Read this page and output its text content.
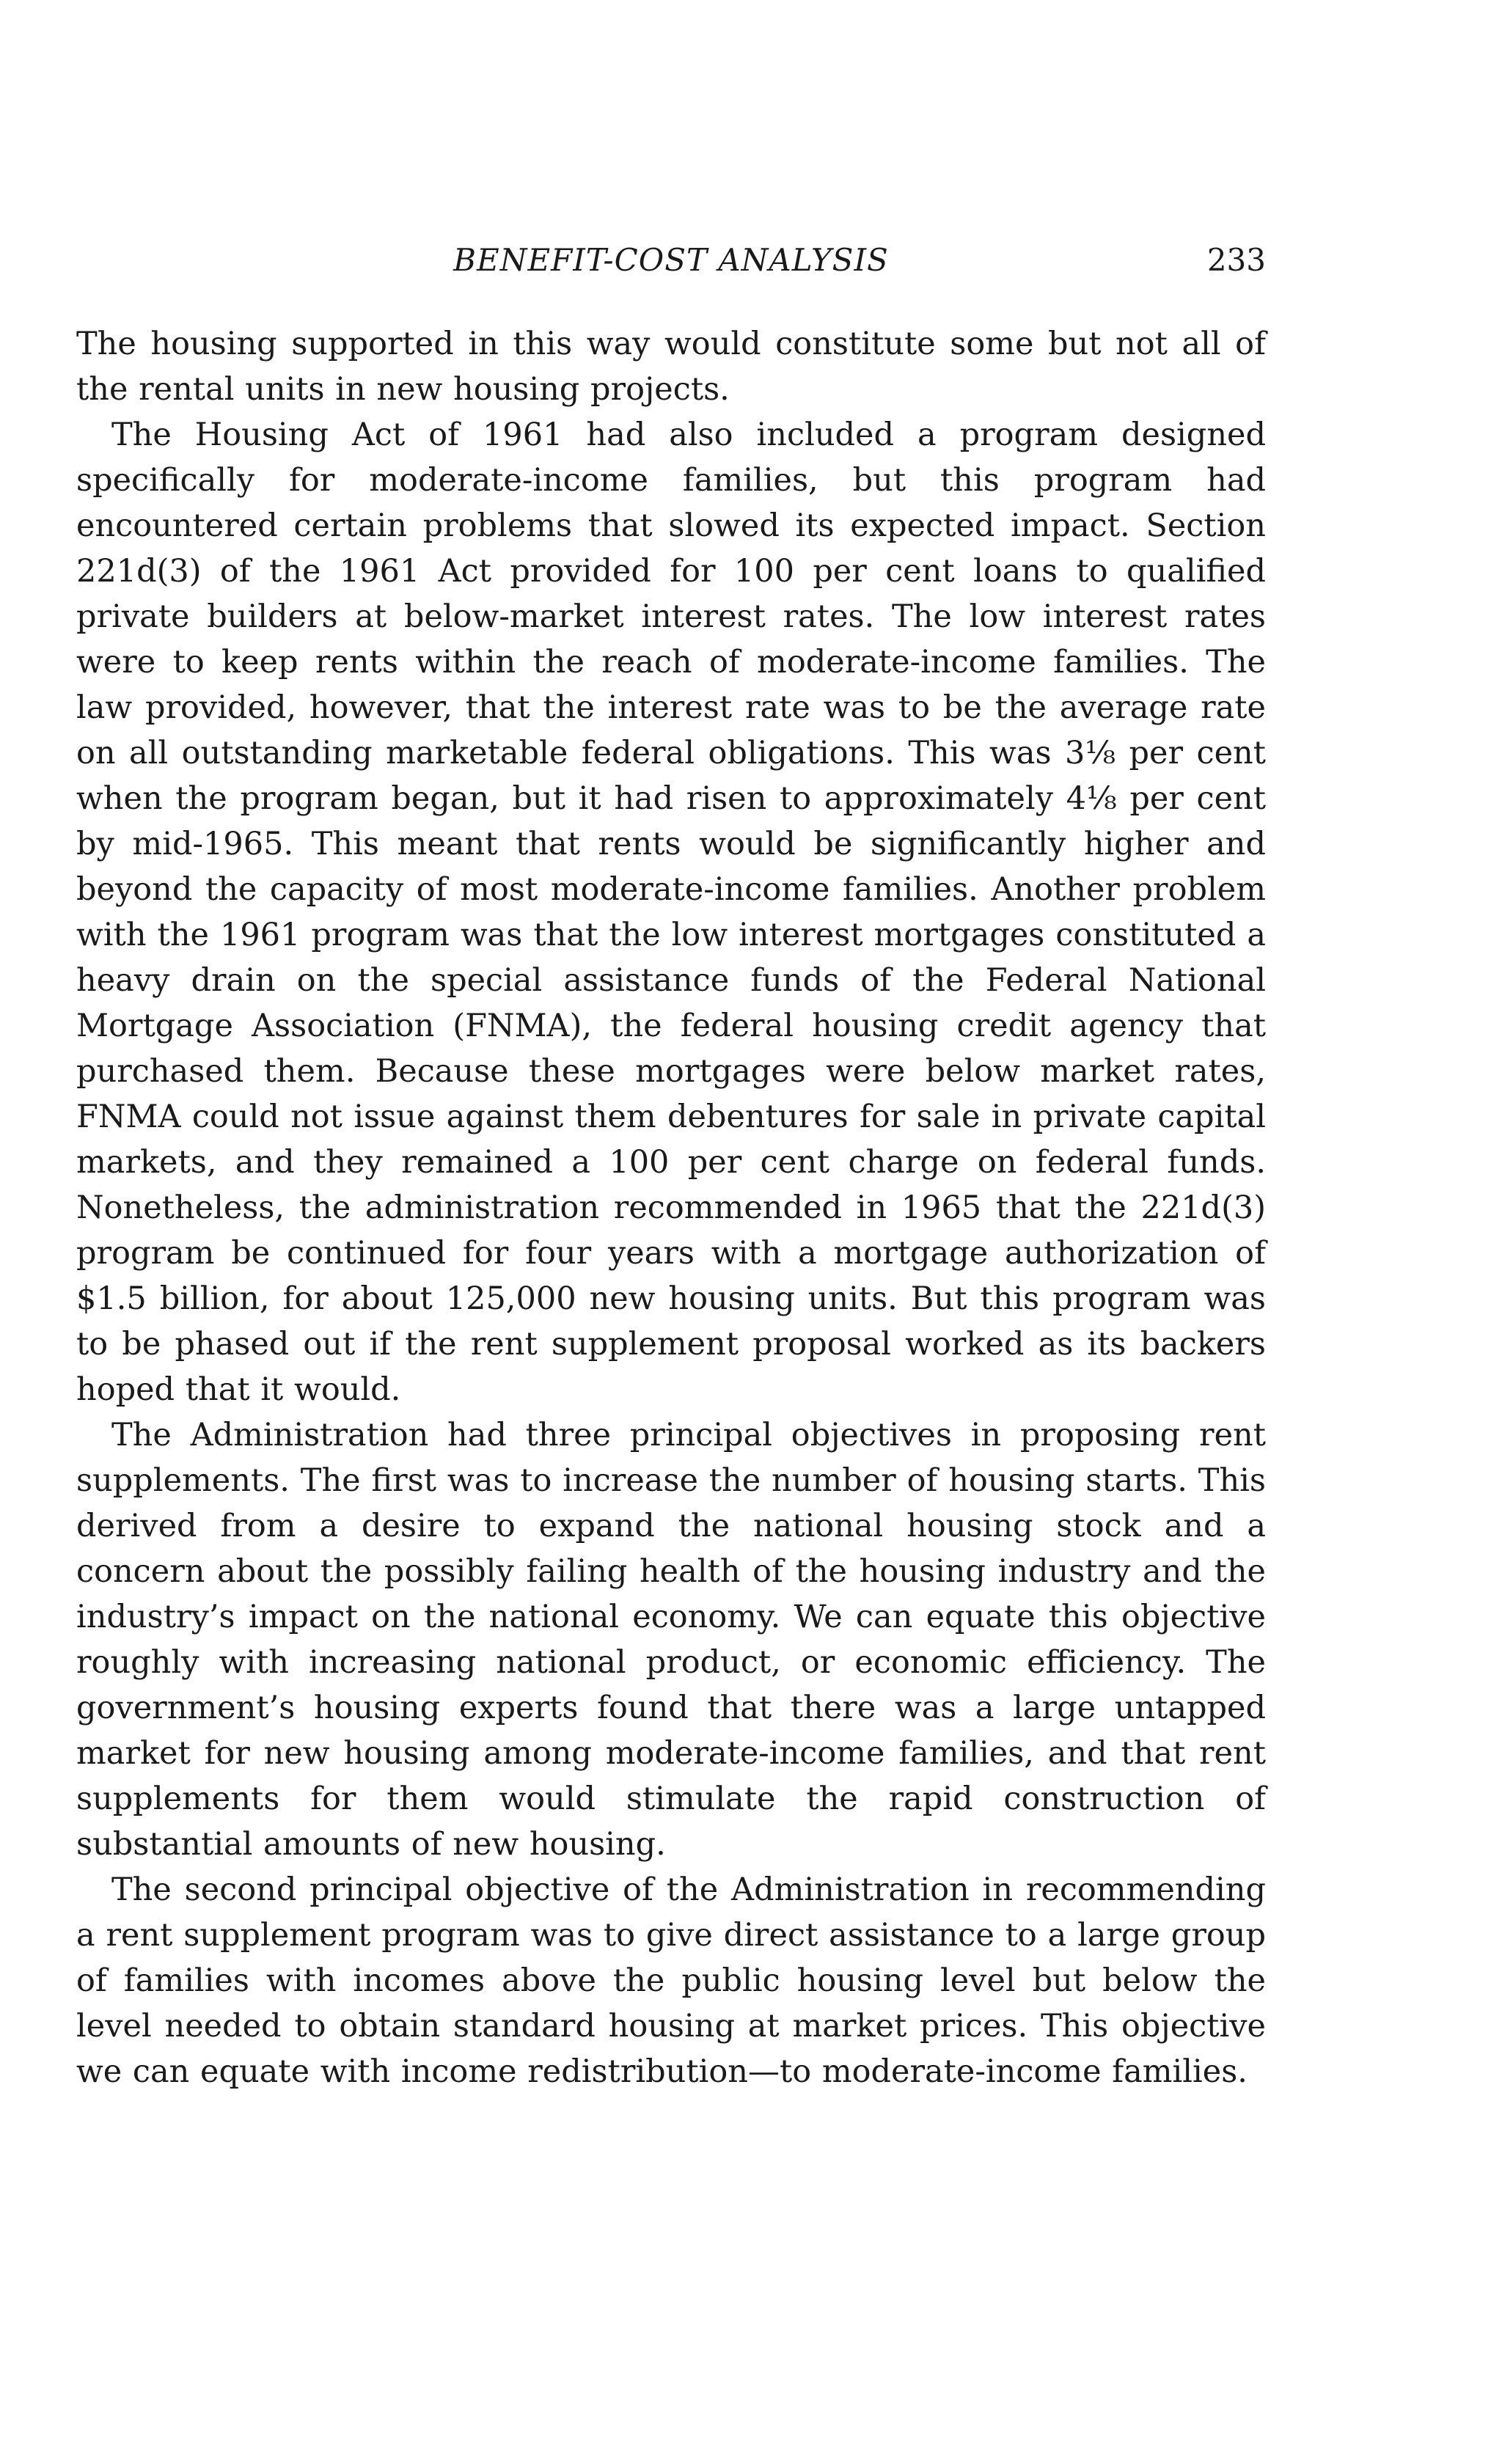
BENEFIT-COST ANALYSIS	233

The housing supported in this way would constitute some but not all of the rental units in new housing projects.

The Housing Act of 1961 had also included a program designed specifically for moderate-income families, but this program had encountered certain problems that slowed its expected impact. Section 221d(3) of the 1961 Act provided for 100 per cent loans to qualified private builders at below-market interest rates. The low interest rates were to keep rents within the reach of moderate-income families. The law provided, however, that the interest rate was to be the average rate on all outstanding marketable federal obligations. This was 3⅛ per cent when the program began, but it had risen to approximately 4⅛ per cent by mid-1965. This meant that rents would be significantly higher and beyond the capacity of most moderate-income families. Another problem with the 1961 program was that the low interest mortgages constituted a heavy drain on the special assistance funds of the Federal National Mortgage Association (FNMA), the federal housing credit agency that purchased them. Because these mortgages were below market rates, FNMA could not issue against them debentures for sale in private capital markets, and they remained a 100 per cent charge on federal funds. Nonetheless, the administration recommended in 1965 that the 221d(3) program be continued for four years with a mortgage authorization of $1.5 billion, for about 125,000 new housing units. But this program was to be phased out if the rent supplement proposal worked as its backers hoped that it would.

The Administration had three principal objectives in proposing rent supplements. The first was to increase the number of housing starts. This derived from a desire to expand the national housing stock and a concern about the possibly failing health of the housing industry and the industry’s impact on the national economy. We can equate this objective roughly with increasing national product, or economic efficiency. The government’s housing experts found that there was a large untapped market for new housing among moderate-income families, and that rent supplements for them would stimulate the rapid construction of substantial amounts of new housing.

The second principal objective of the Administration in recommending a rent supplement program was to give direct assistance to a large group of families with incomes above the public housing level but below the level needed to obtain standard housing at market prices. This objective we can equate with income redistribution—to moderate-income families.
